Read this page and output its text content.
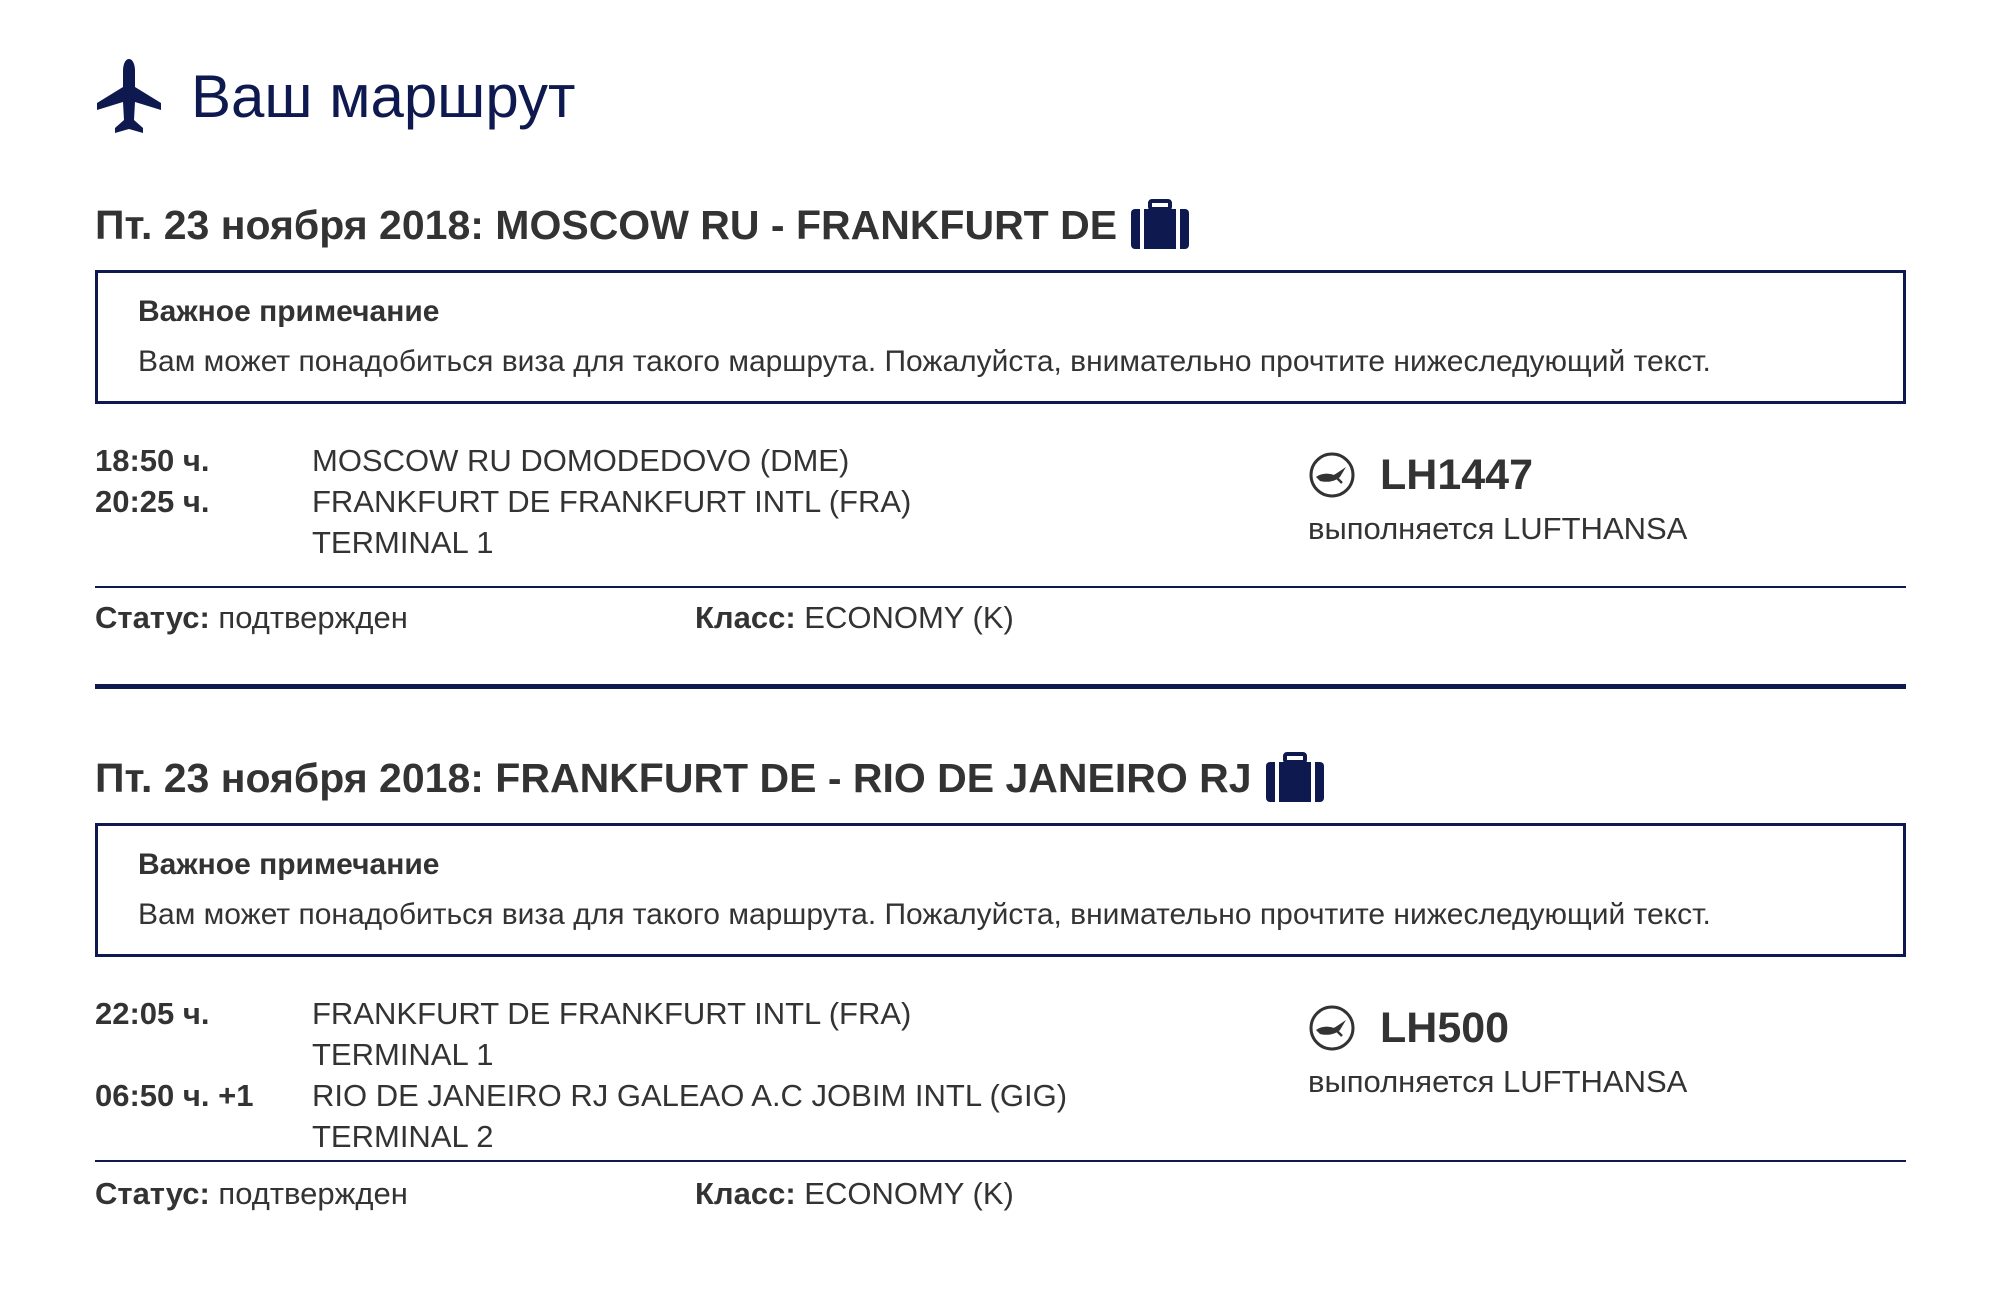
Ваш маршрут
Пт. 23 ноября 2018: MOSCOW RU - FRANKFURT DE
Важное примечание
Вам может понадобиться виза для такого маршрута. Пожалуйста, внимательно прочтите нижеследующий текст.
18:50 ч.
20:25 ч.
MOSCOW RU DOMODEDOVO (DME)
FRANKFURT DE FRANKFURT INTL (FRA)
TERMINAL 1
LH1447
выполняется LUFTHANSA
Статус: подтвержден	Класс: ECONOMY (K)
Пт. 23 ноября 2018: FRANKFURT DE - RIO DE JANEIRO RJ
Важное примечание
Вам может понадобиться виза для такого маршрута. Пожалуйста, внимательно прочтите нижеследующий текст.
22:05 ч.
06:50 ч. +1
FRANKFURT DE FRANKFURT INTL (FRA)
TERMINAL 1
RIO DE JANEIRO RJ GALEAO A.C JOBIM INTL (GIG)
TERMINAL 2
LH500
выполняется LUFTHANSA
Статус: подтвержден	Класс: ECONOMY (K)
